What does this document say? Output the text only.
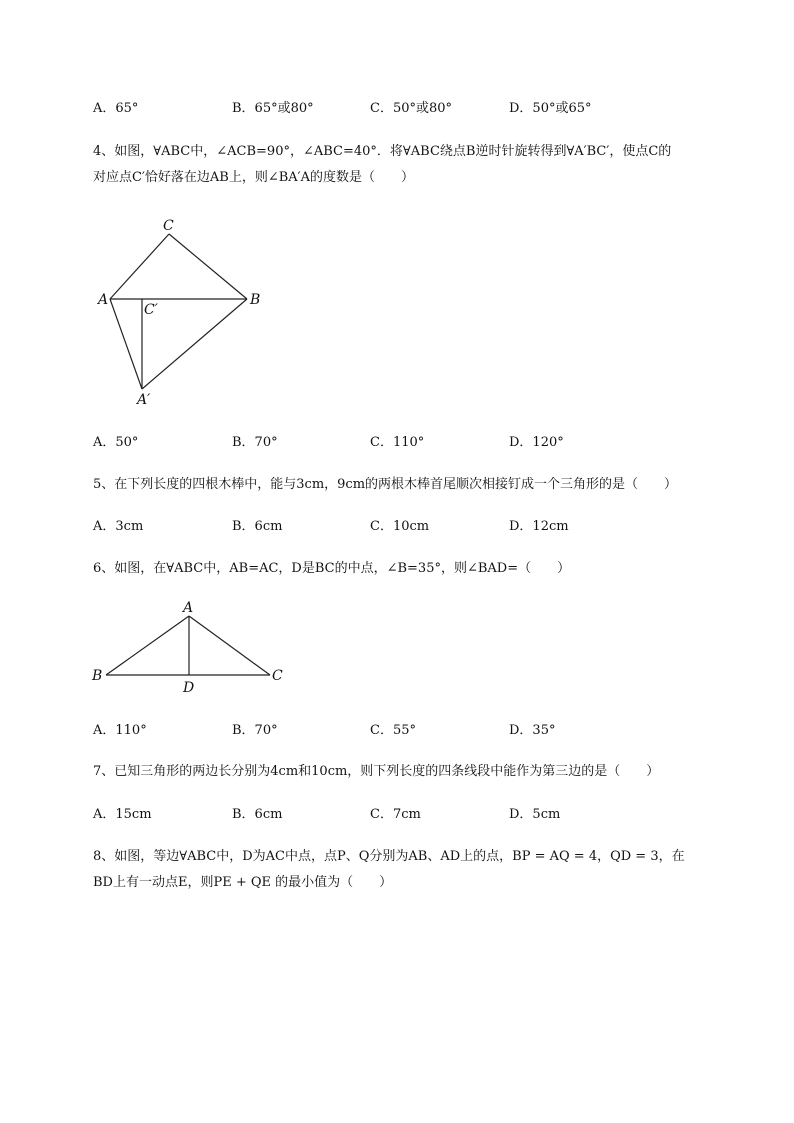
A．65°	B．65°或80°	C．50°或80°	D．50°或65°
4、如图，∀ABC中，∠ACB=90°，∠ABC=40°．将∀ABC绕点B逆时针旋转得到∀A′BC′，使点C的
对应点C′恰好落在边AB上，则∠BA′A的度数是（　　）
C
A	B
C′
A′
A．50°	B．70°	C．110°	D．120°
5、在下列长度的四根木棒中，能与3cm，9cm的两根木棒首尾顺次相接钉成一个三角形的是（　　）
A．3cm	B．6cm	C．10cm	D．12cm
6、如图，在∀ABC中，AB=AC，D是BC的中点，∠B=35°，则∠BAD=（　　）
A
B	C
D
A．110°	B．70°	C．55°	D．35°
7、已知三角形的两边长分别为4cm和10cm，则下列长度的四条线段中能作为第三边的是（　　）
A．15cm	B．6cm	C．7cm	D．5cm
8、如图，等边∀ABC中，D为AC中点，点P、Q分别为AB、AD上的点，BP = AQ = 4，QD = 3，在
BD上有一动点E，则PE + QE 的最小值为（　　）
